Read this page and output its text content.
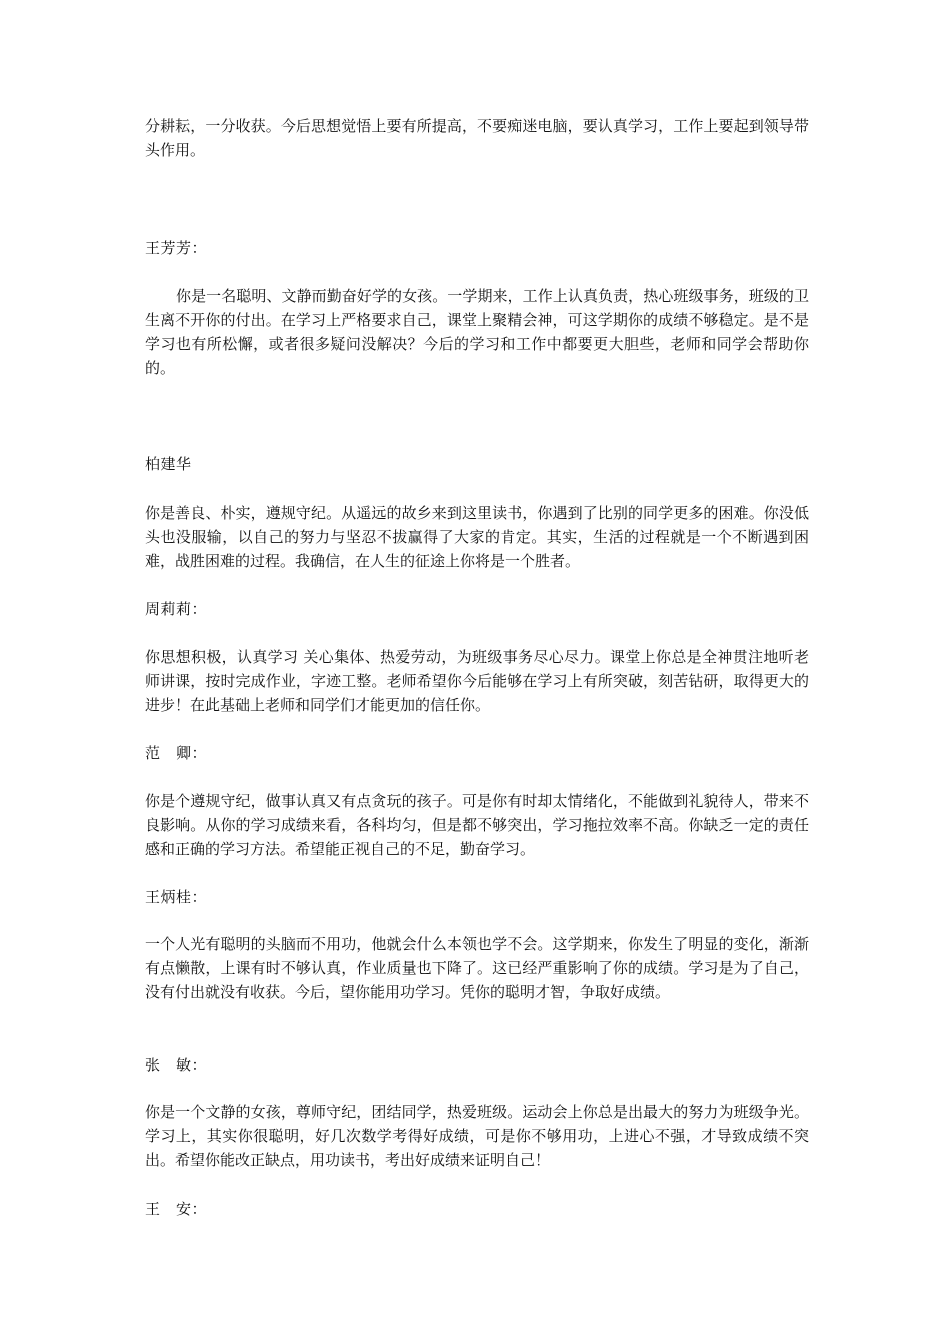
分耕耘，一分收获。今后思想觉悟上要有所提高，不要痴迷电脑，要认真学习，工作上要起到领导带头作用。

王芳芳：

你是一名聪明、文静而勤奋好学的女孩。一学期来，工作上认真负责，热心班级事务，班级的卫生离不开你的付出。在学习上严格要求自己，课堂上聚精会神，可这学期你的成绩不够稳定。是不是学习也有所松懈，或者很多疑问没解决？今后的学习和工作中都要更大胆些，老师和同学会帮助你的。

柏建华

你是善良、朴实，遵规守纪。从遥远的故乡来到这里读书，你遇到了比别的同学更多的困难。你没低头也没服输，以自己的努力与坚忍不拔赢得了大家的肯定。其实，生活的过程就是一个不断遇到困难，战胜困难的过程。我确信，在人生的征途上你将是一个胜者。

周莉莉：

你思想积极，认真学习 关心集体、热爱劳动，为班级事务尽心尽力。课堂上你总是全神贯注地听老师讲课，按时完成作业，字迹工整。老师希望你今后能够在学习上有所突破，刻苦钻研，取得更大的进步！在此基础上老师和同学们才能更加的信任你。

范　卿：

你是个遵规守纪，做事认真又有点贪玩的孩子。可是你有时却太情绪化，不能做到礼貌待人，带来不良影响。从你的学习成绩来看，各科均匀，但是都不够突出，学习拖拉效率不高。你缺乏一定的责任感和正确的学习方法。希望能正视自己的不足，勤奋学习。

王炳桂：

一个人光有聪明的头脑而不用功，他就会什么本领也学不会。这学期来，你发生了明显的变化，渐渐有点懒散，上课有时不够认真，作业质量也下降了。这已经严重影响了你的成绩。学习是为了自己，没有付出就没有收获。今后，望你能用功学习。凭你的聪明才智，争取好成绩。

张　敏：

你是一个文静的女孩，尊师守纪，团结同学，热爱班级。运动会上你总是出最大的努力为班级争光。学习上，其实你很聪明，好几次数学考得好成绩，可是你不够用功，上进心不强，才导致成绩不突出。希望你能改正缺点，用功读书，考出好成绩来证明自己！

王　安：
